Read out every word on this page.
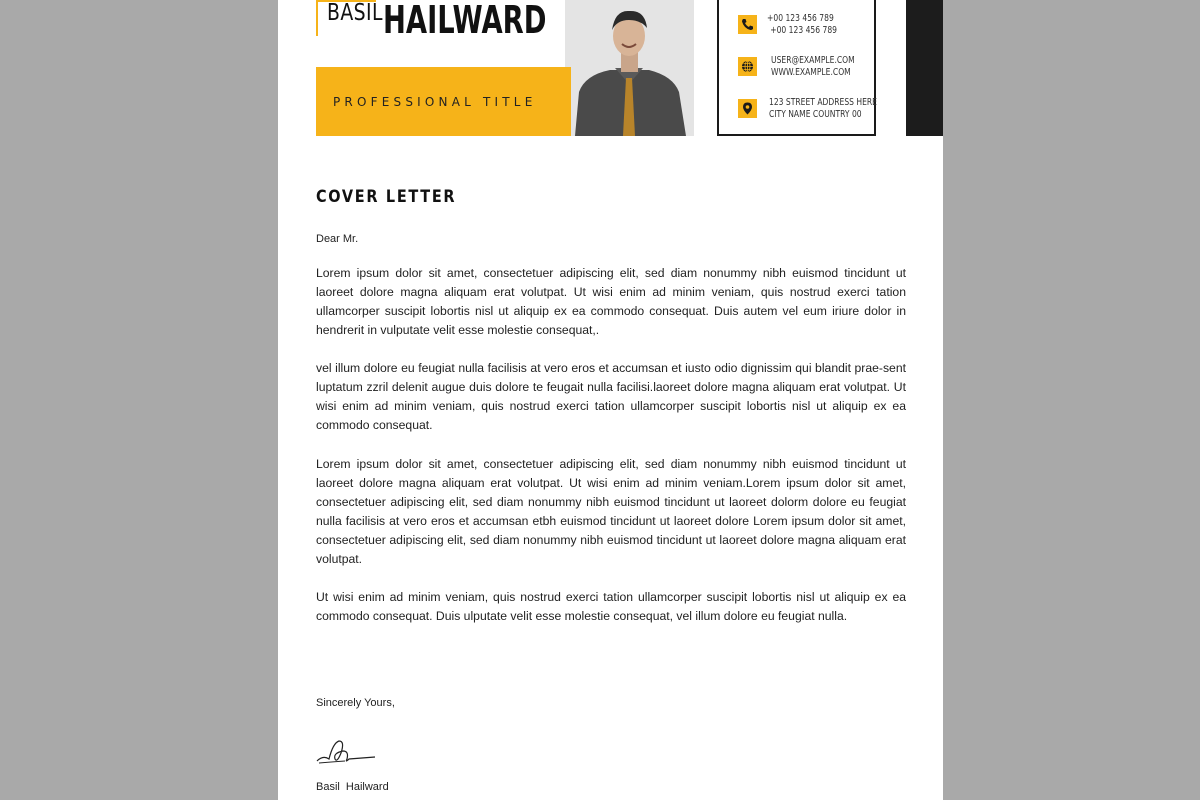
BASIL HAILWARD
PROFESSIONAL TITLE
+00 123 456 789
+00 123 456 789
USER@EXAMPLE.COM
WWW.EXAMPLE.COM
123 STREET ADDRESS HERE
CITY NAME COUNTRY 00
COVER LETTER
Dear Mr.

Lorem ipsum dolor sit amet, consectetuer adipiscing elit, sed diam nonummy nibh euismod tincidunt ut laoreet dolore magna aliquam erat volutpat. Ut wisi enim ad minim veniam, quis nostrud exerci tation ullamcorper suscipit lobortis nisl ut aliquip ex ea commodo consequat. Duis autem vel eum iriure dolor in hendrerit in vulputate velit esse molestie consequat,.

vel illum dolore eu feugiat nulla facilisis at vero eros et accumsan et iusto odio dignissim qui blandit prae-sent luptatum zzril delenit augue duis dolore te feugait nulla facilisi.laoreet dolore magna aliquam erat volutpat. Ut wisi enim ad minim veniam, quis nostrud exerci tation ullamcorper suscipit lobortis nisl ut aliquip ex ea commodo consequat.

Lorem ipsum dolor sit amet, consectetuer adipiscing elit, sed diam nonummy nibh euismod tincidunt ut laoreet dolore magna aliquam erat volutpat. Ut wisi enim ad minim veniam.Lorem ipsum dolor sit amet, consectetuer adipiscing elit, sed diam nonummy nibh euismod tincidunt ut laoreet dolorm dolore eu feugiat nulla facilisis at vero eros et accumsan etbh euismod tincidunt ut laoreet dolore Lorem ipsum dolor sit amet, consectetuer adipiscing elit, sed diam nonummy nibh euismod tincidunt ut laoreet dolore magna aliquam erat volutpat.

Ut wisi enim ad minim veniam, quis nostrud exerci tation ullamcorper suscipit lobortis nisl ut aliquip ex ea commodo consequat. Duis ulputate velit esse molestie consequat, vel illum dolore eu feugiat nulla.

Sincerely Yours,
Basil Hailward
